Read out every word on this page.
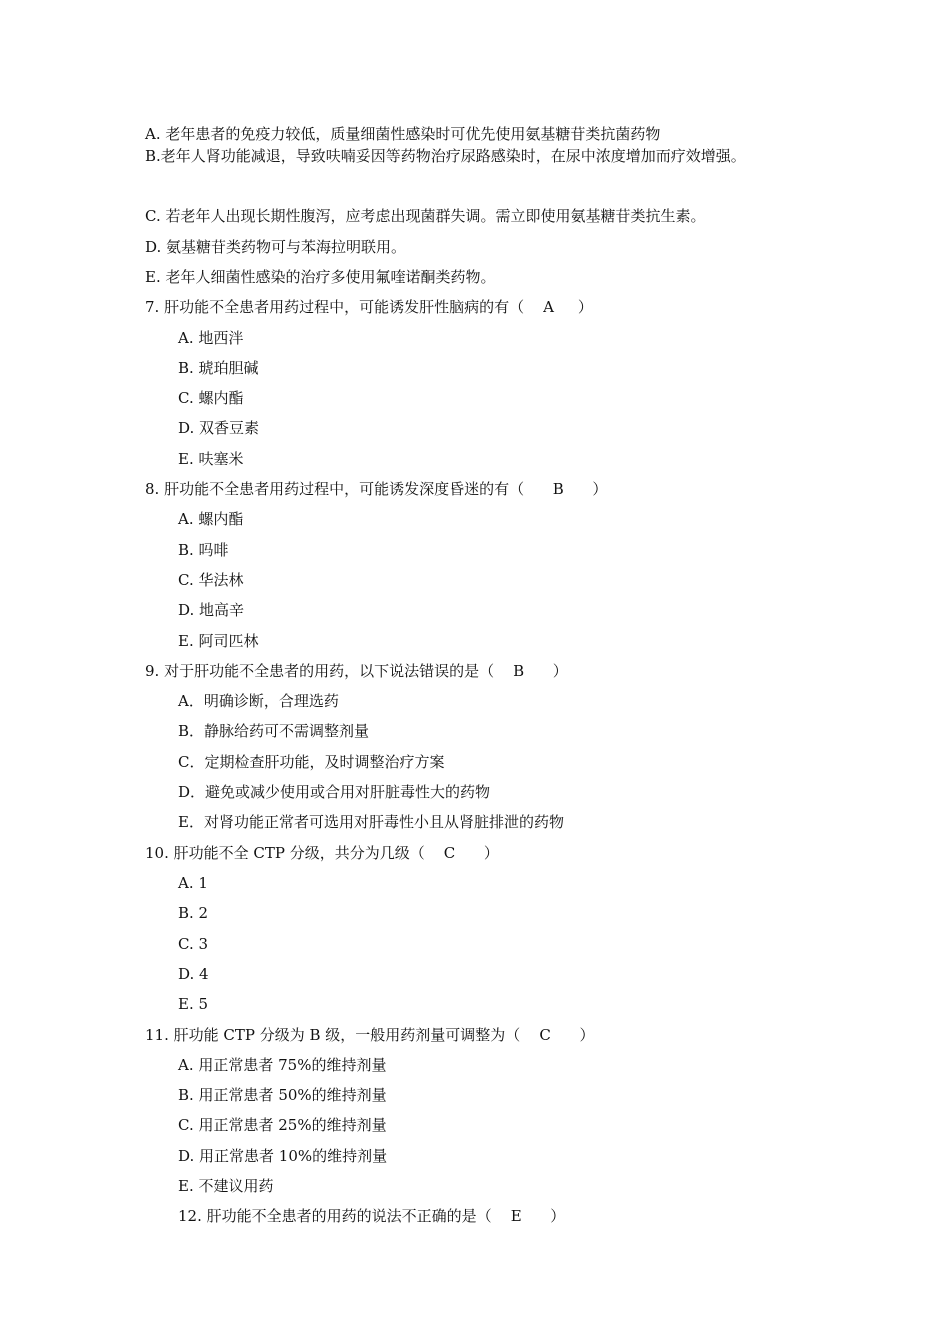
A. 老年患者的免疫力较低，质量细菌性感染时可优先使用氨基糖苷类抗菌药物
B.老年人肾功能减退，导致呋喃妥因等药物治疗尿路感染时，在尿中浓度增加而疗效增强。
C. 若老年人出现长期性腹泻，应考虑出现菌群失调。需立即使用氨基糖苷类抗生素。
D. 氨基糖苷类药物可与苯海拉明联用。
E. 老年人细菌性感染的治疗多使用氟喹诺酮类药物。
7. 肝功能不全患者用药过程中，可能诱发肝性脑病的有（    A     ）
A. 地西泮
B. 琥珀胆碱
C. 螺内酯
D. 双香豆素
E. 呋塞米
8. 肝功能不全患者用药过程中，可能诱发深度昏迷的有（      B      ）
A. 螺内酯
B. 吗啡
C. 华法林
D. 地高辛
E. 阿司匹林
9. 对于肝功能不全患者的用药，以下说法错误的是（    B      ）
A．明确诊断，合理选药
B．静脉给药可不需调整剂量
C．定期检查肝功能，及时调整治疗方案
D．避免或减少使用或合用对肝脏毒性大的药物
E．对肾功能正常者可选用对肝毒性小且从肾脏排泄的药物
10. 肝功能不全 CTP 分级，共分为几级（    C      ）
A. 1
B. 2
C. 3
D. 4
E. 5
11. 肝功能 CTP 分级为 B 级，一般用药剂量可调整为（    C      ）
A. 用正常患者 75%的维持剂量
B. 用正常患者 50%的维持剂量
C. 用正常患者 25%的维持剂量
D. 用正常患者 10%的维持剂量
E. 不建议用药
12. 肝功能不全患者的用药的说法不正确的是（    E      ）
